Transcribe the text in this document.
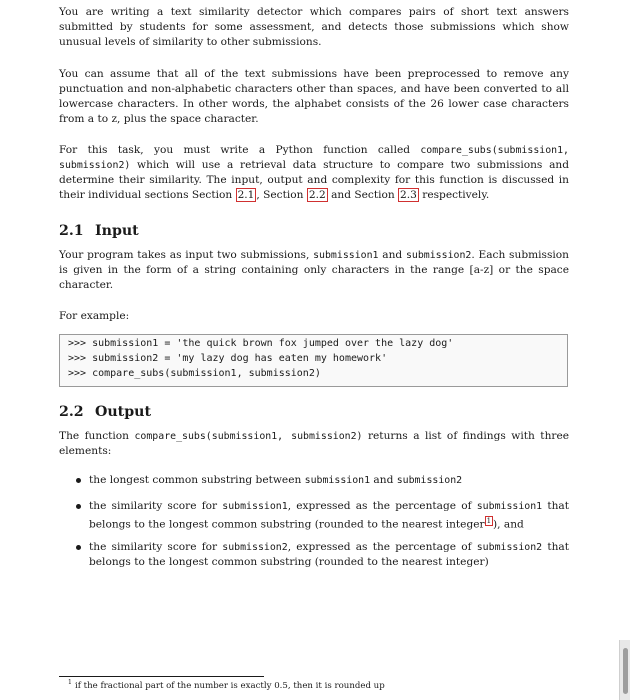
You are writing a text similarity detector which compares pairs of short text answers submitted by students for some assessment, and detects those submissions which show unusual levels of similarity to other submissions.
You can assume that all of the text submissions have been preprocessed to remove any punctuation and non-alphabetic characters other than spaces, and have been converted to all lowercase characters. In other words, the alphabet consists of the 26 lower case characters from a to z, plus the space character.
For this task, you must write a Python function called compare_subs(submission1, submission2) which will use a retrieval data structure to compare two submissions and determine their similarity. The input, output and complexity for this function is discussed in their individual sections Section 2.1 , Section 2.2 and Section 2.3 respectively.
2.1 Input
Your program takes as input two submissions, submission1 and submission2. Each submission is given in the form of a string containing only characters in the range [a-z] or the space character.
For example:
>>> submission1 = 'the quick brown fox jumped over the lazy dog'
>>> submission2 = 'my lazy dog has eaten my homework'
>>> compare_subs(submission1, submission2)
2.2 Output
The function compare_subs(submission1, submission2) returns a list of findings with three elements:
the longest common substring between submission1 and submission2
the similarity score for submission1, expressed as the percentage of submission1 that belongs to the longest common substring (rounded to the nearest integer $^1$ ), and
the similarity score for submission2, expressed as the percentage of submission2 that belongs to the longest common substring (rounded to the nearest integer)
1 if the fractional part of the number is exactly 0.5, then it is rounded up
